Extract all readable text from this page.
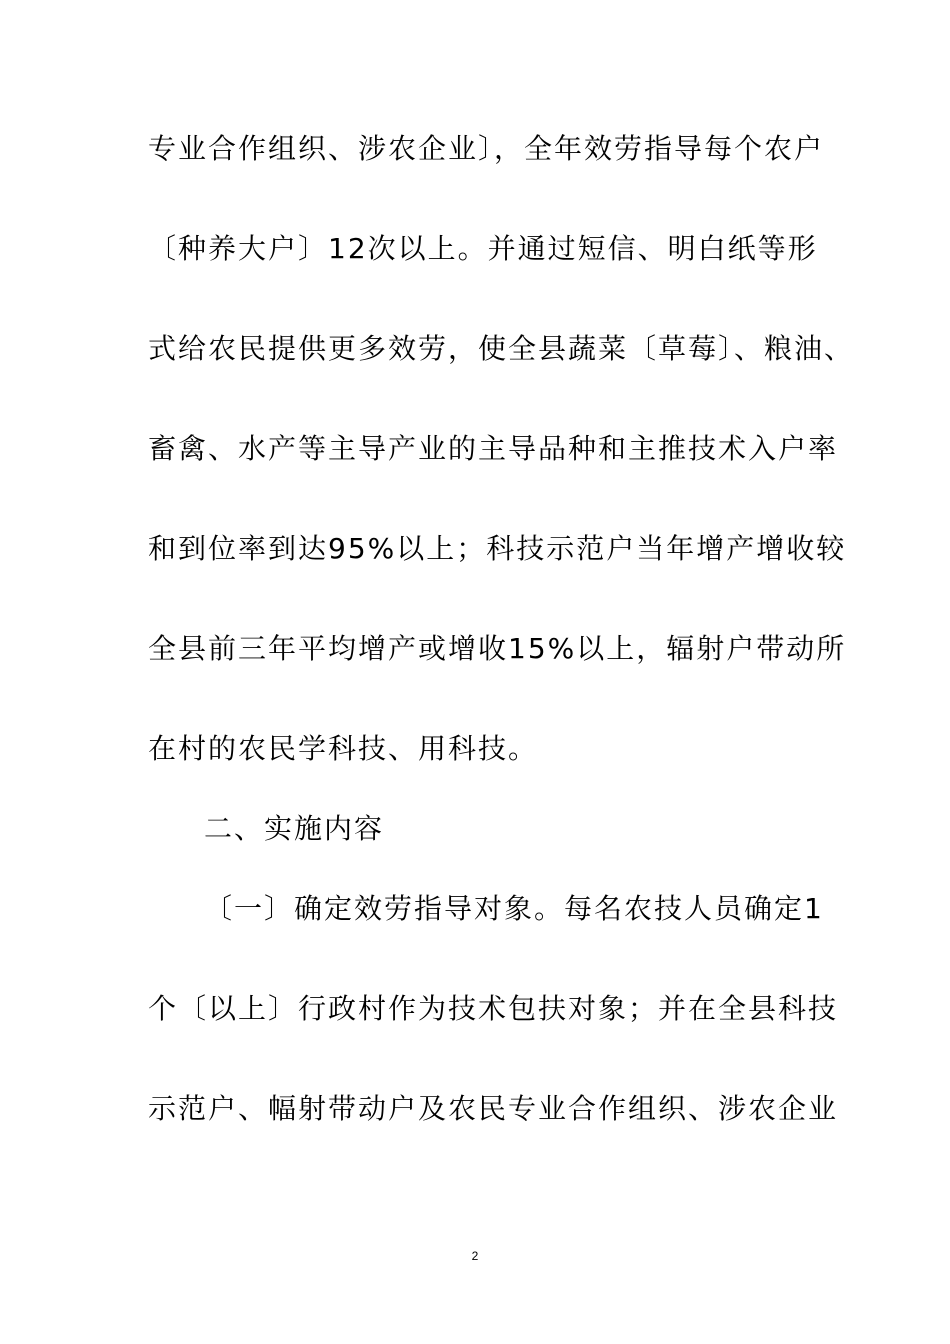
专业合作组织、涉农企业〕，全年效劳指导每个农户
〔种养大户〕12次以上。并通过短信、明白纸等形
式给农民提供更多效劳，使全县蔬菜〔草莓〕、粮油、
畜禽、水产等主导产业的主导品种和主推技术入户率
和到位率到达95%以上；科技示范户当年增产增收较
全县前三年平均增产或增收15%以上，辐射户带动所
在村的农民学科技、用科技。
二、实施内容
〔一〕确定效劳指导对象。每名农技人员确定1
个〔以上〕行政村作为技术包扶对象；并在全县科技
示范户、幅射带动户及农民专业合作组织、涉农企业
2
